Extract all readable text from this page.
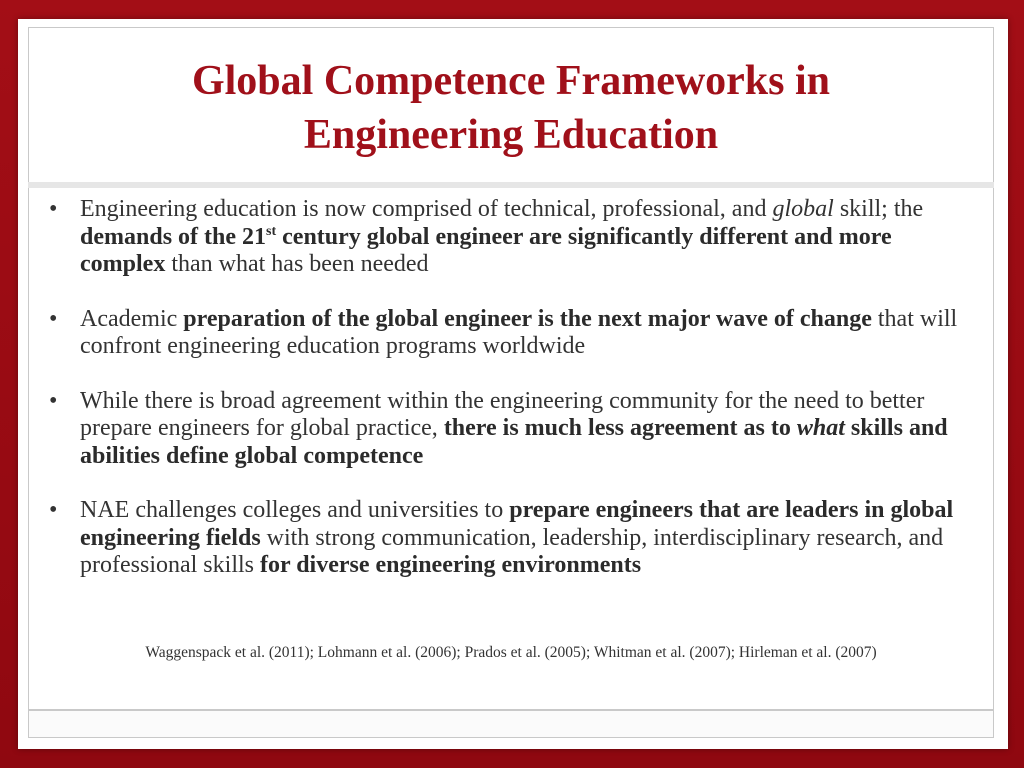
Global Competence Frameworks in
Engineering Education
• Engineering education is now comprised of technical, professional, and global skill; the demands of the 21st century global engineer are significantly different and more complex than what has been needed
• Academic preparation of the global engineer is the next major wave of change that will confront engineering education programs worldwide
• While there is broad agreement within the engineering community for the need to better prepare engineers for global practice, there is much less agreement as to what skills and abilities define global competence
• NAE challenges colleges and universities to prepare engineers that are leaders in global engineering fields with strong communication, leadership, interdisciplinary research, and professional skills for diverse engineering environments
Waggenspack et al. (2011); Lohmann et al. (2006); Prados et al. (2005); Whitman et al. (2007); Hirleman et al. (2007)
